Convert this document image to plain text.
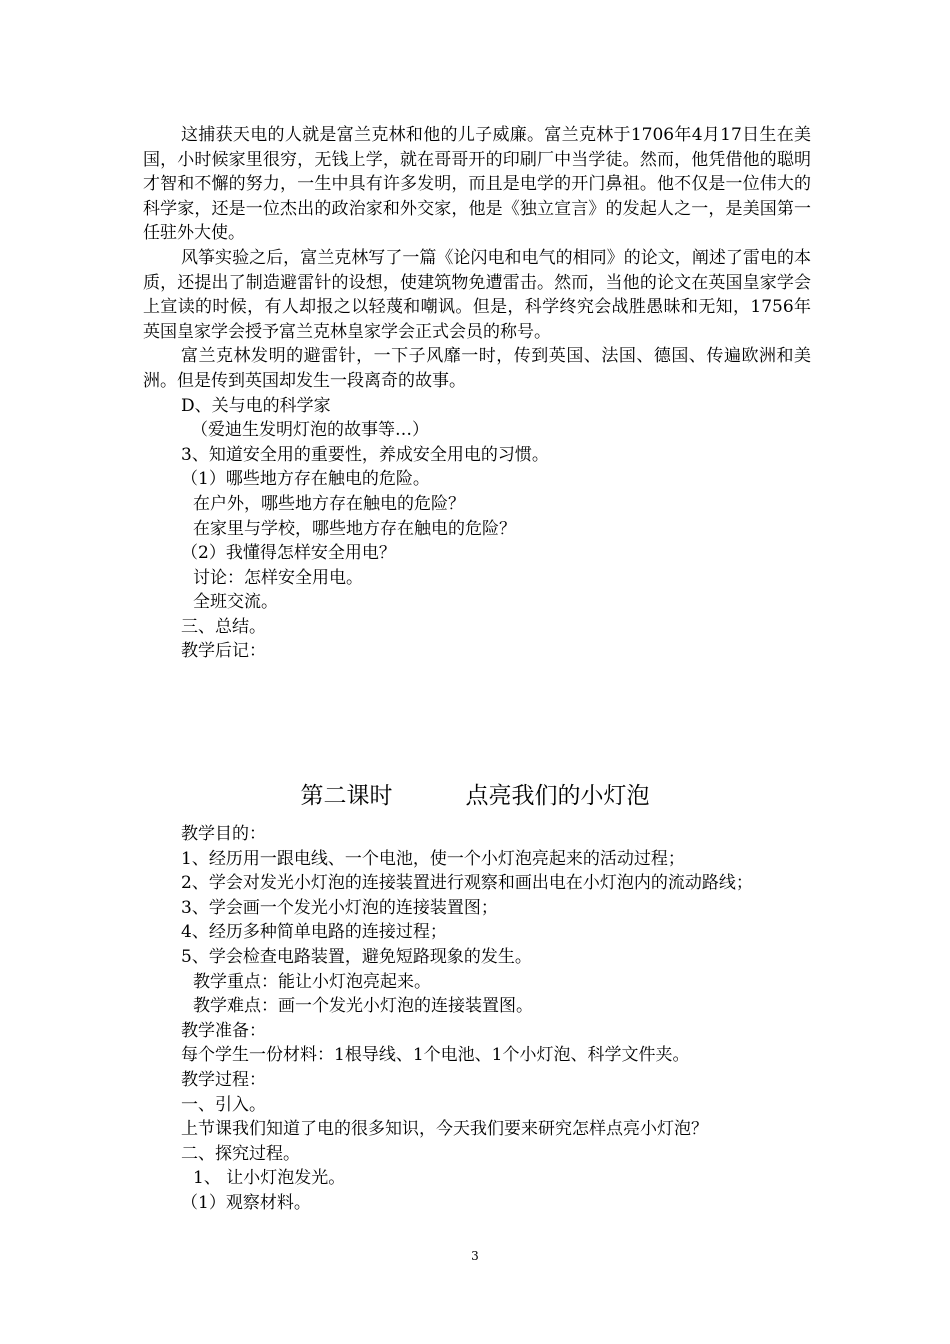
这捕获天电的人就是富兰克林和他的儿子威廉。富兰克林于1706年4月17日生在美国，小时候家里很穷，无钱上学，就在哥哥开的印刷厂中当学徒。然而，他凭借他的聪明才智和不懈的努力，一生中具有许多发明，而且是电学的开门鼻祖。他不仅是一位伟大的科学家，还是一位杰出的政治家和外交家，他是《独立宣言》的发起人之一，是美国第一任驻外大使。

风筝实验之后，富兰克林写了一篇《论闪电和电气的相同》的论文，阐述了雷电的本质，还提出了制造避雷针的设想，使建筑物免遭雷击。然而，当他的论文在英国皇家学会上宣读的时候，有人却报之以轻蔑和嘲讽。但是，科学终究会战胜愚昧和无知，1756年英国皇家学会授予富兰克林皇家学会正式会员的称号。

富兰克林发明的避雷针，一下子风靡一时，传到英国、法国、德国、传遍欧洲和美洲。但是传到英国却发生一段离奇的故事。

D、关与电的科学家

（爱迪生发明灯泡的故事等…）

3、知道安全用的重要性，养成安全用电的习惯。

（1）哪些地方存在触电的危险。

在户外，哪些地方存在触电的危险？

在家里与学校，哪些地方存在触电的危险？

（2）我懂得怎样安全用电？

讨论：怎样安全用电。

全班交流。

三、总结。

教学后记：

第二课时          点亮我们的小灯泡

教学目的：

1、经历用一跟电线、一个电池，使一个小灯泡亮起来的活动过程；

2、学会对发光小灯泡的连接装置进行观察和画出电在小灯泡内的流动路线；

3、学会画一个发光小灯泡的连接装置图；

4、经历多种简单电路的连接过程；

5、学会检查电路装置，避免短路现象的发生。

教学重点：能让小灯泡亮起来。

教学难点：画一个发光小灯泡的连接装置图。

教学准备：

每个学生一份材料：1根导线、1个电池、1个小灯泡、科学文件夹。

教学过程：

一、引入。

上节课我们知道了电的很多知识，今天我们要来研究怎样点亮小灯泡？

二、探究过程。

1、 让小灯泡发光。

（1）观察材料。

3
